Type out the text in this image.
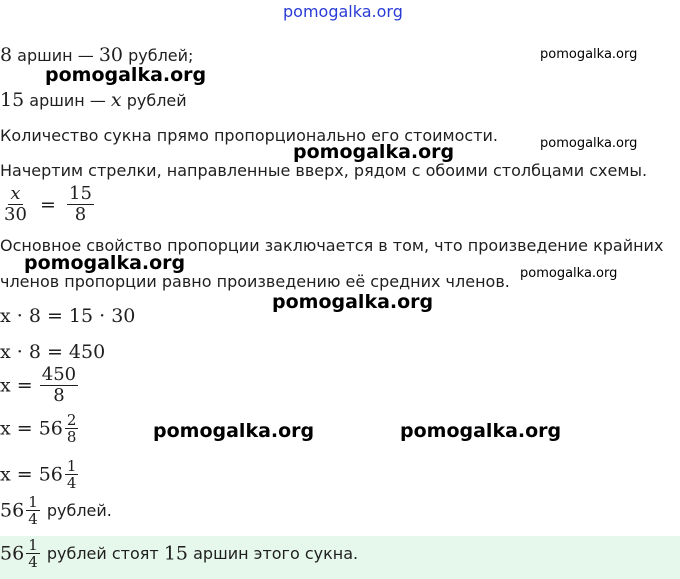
pomogalka.org
8 аршин — 30 рублей;	pomogalka.org
pomogalka.org
15 аршин — x рублей
Количество сукна прямо пропорционально его стоимости.	pomogalka.org
pomogalka.org
Начертим стрелки, направленные вверх, рядом с обоими столбцами схемы.
$\frac{x}{30} = \frac{15}{8}$
Основное свойство пропорции заключается в том, что произведение крайних
pomogalka.org	pomogalka.org
членов пропорции равно произведению её средних членов.
pomogalka.org
x · 8 = 15 · 30
x · 8 = 450
$x = \frac{450}{8}$
$x = 56 \frac{2}{8}$	pomogalka.org	pomogalka.org
$x = 56 \frac{1}{4}$
$56 \frac{1}{4}$ рублей.
$56 \frac{1}{4}$ рублей стоят 15 аршин этого сукна.
